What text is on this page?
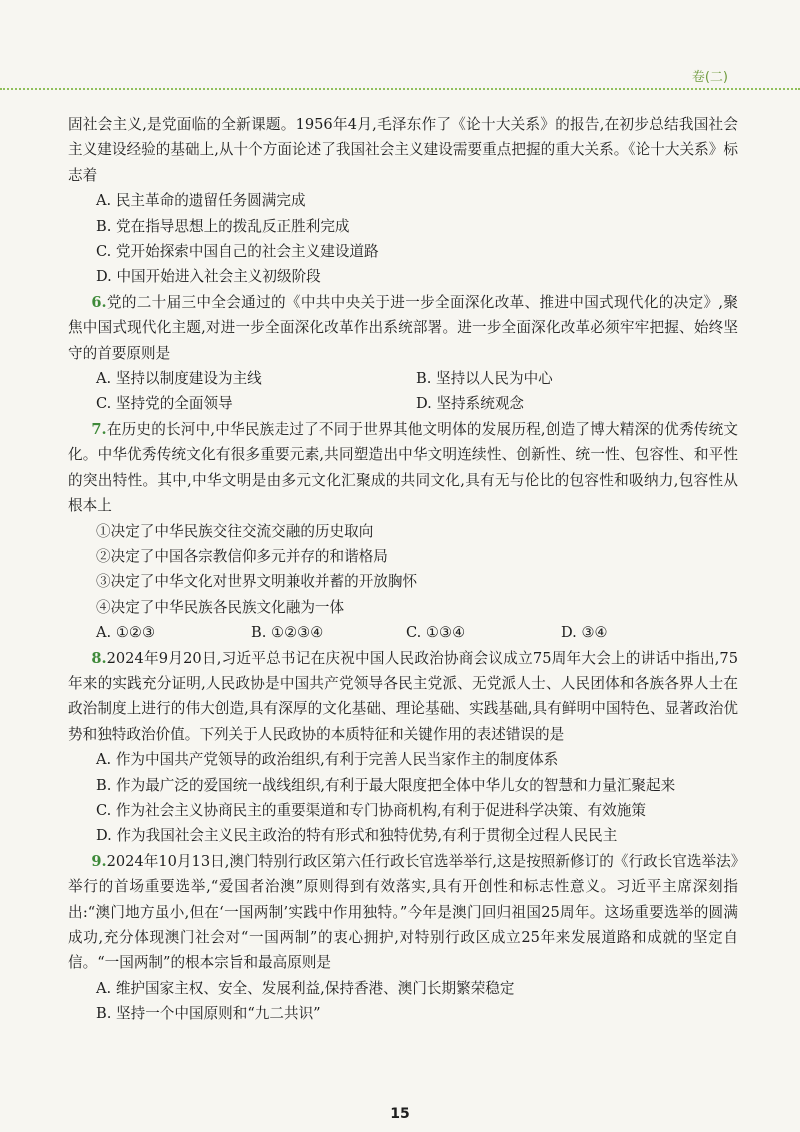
卷(二)

固社会主义,是党面临的全新课题。1956年4月,毛泽东作了《论十大关系》的报告,在初步总结我国社会主义建设经验的基础上,从十个方面论述了我国社会主义建设需要重点把握的重大关系。《论十大关系》标志着

A. 民主革命的遗留任务圆满完成

B. 党在指导思想上的拨乱反正胜利完成

C. 党开始探索中国自己的社会主义建设道路

D. 中国开始进入社会主义初级阶段

6.党的二十届三中全会通过的《中共中央关于进一步全面深化改革、推进中国式现代化的决定》,聚焦中国式现代化主题,对进一步全面深化改革作出系统部署。进一步全面深化改革必须牢牢把握、始终坚守的首要原则是

A. 坚持以制度建设为主线	B. 坚持以人民为中心
C. 坚持党的全面领导	D. 坚持系统观念

7.在历史的长河中,中华民族走过了不同于世界其他文明体的发展历程,创造了博大精深的优秀传统文化。中华优秀传统文化有很多重要元素,共同塑造出中华文明连续性、创新性、统一性、包容性、和平性的突出特性。其中,中华文明是由多元文化汇聚成的共同文化,具有无与伦比的包容性和吸纳力,包容性从根本上

①决定了中华民族交往交流交融的历史取向

②决定了中国各宗教信仰多元并存的和谐格局

③决定了中华文化对世界文明兼收并蓄的开放胸怀

④决定了中华民族各民族文化融为一体

A. ①②③	B. ①②③④	C. ①③④	D. ③④

8.2024年9月20日,习近平总书记在庆祝中国人民政治协商会议成立75周年大会上的讲话中指出,75年来的实践充分证明,人民政协是中国共产党领导各民主党派、无党派人士、人民团体和各族各界人士在政治制度上进行的伟大创造,具有深厚的文化基础、理论基础、实践基础,具有鲜明中国特色、显著政治优势和独特政治价值。下列关于人民政协的本质特征和关键作用的表述错误的是

A. 作为中国共产党领导的政治组织,有利于完善人民当家作主的制度体系

B. 作为最广泛的爱国统一战线组织,有利于最大限度把全体中华儿女的智慧和力量汇聚起来

C. 作为社会主义协商民主的重要渠道和专门协商机构,有利于促进科学决策、有效施策

D. 作为我国社会主义民主政治的特有形式和独特优势,有利于贯彻全过程人民民主

9.2024年10月13日,澳门特别行政区第六任行政长官选举举行,这是按照新修订的《行政长官选举法》举行的首场重要选举,“爱国者治澳”原则得到有效落实,具有开创性和标志性意义。习近平主席深刻指出:“澳门地方虽小,但在‘一国两制’实践中作用独特。”今年是澳门回归祖国25周年。这场重要选举的圆满成功,充分体现澳门社会对“一国两制”的衷心拥护,对特别行政区成立25年来发展道路和成就的坚定自信。“一国两制”的根本宗旨和最高原则是

A. 维护国家主权、安全、发展利益,保持香港、澳门长期繁荣稳定

B. 坚持一个中国原则和“九二共识”

15
